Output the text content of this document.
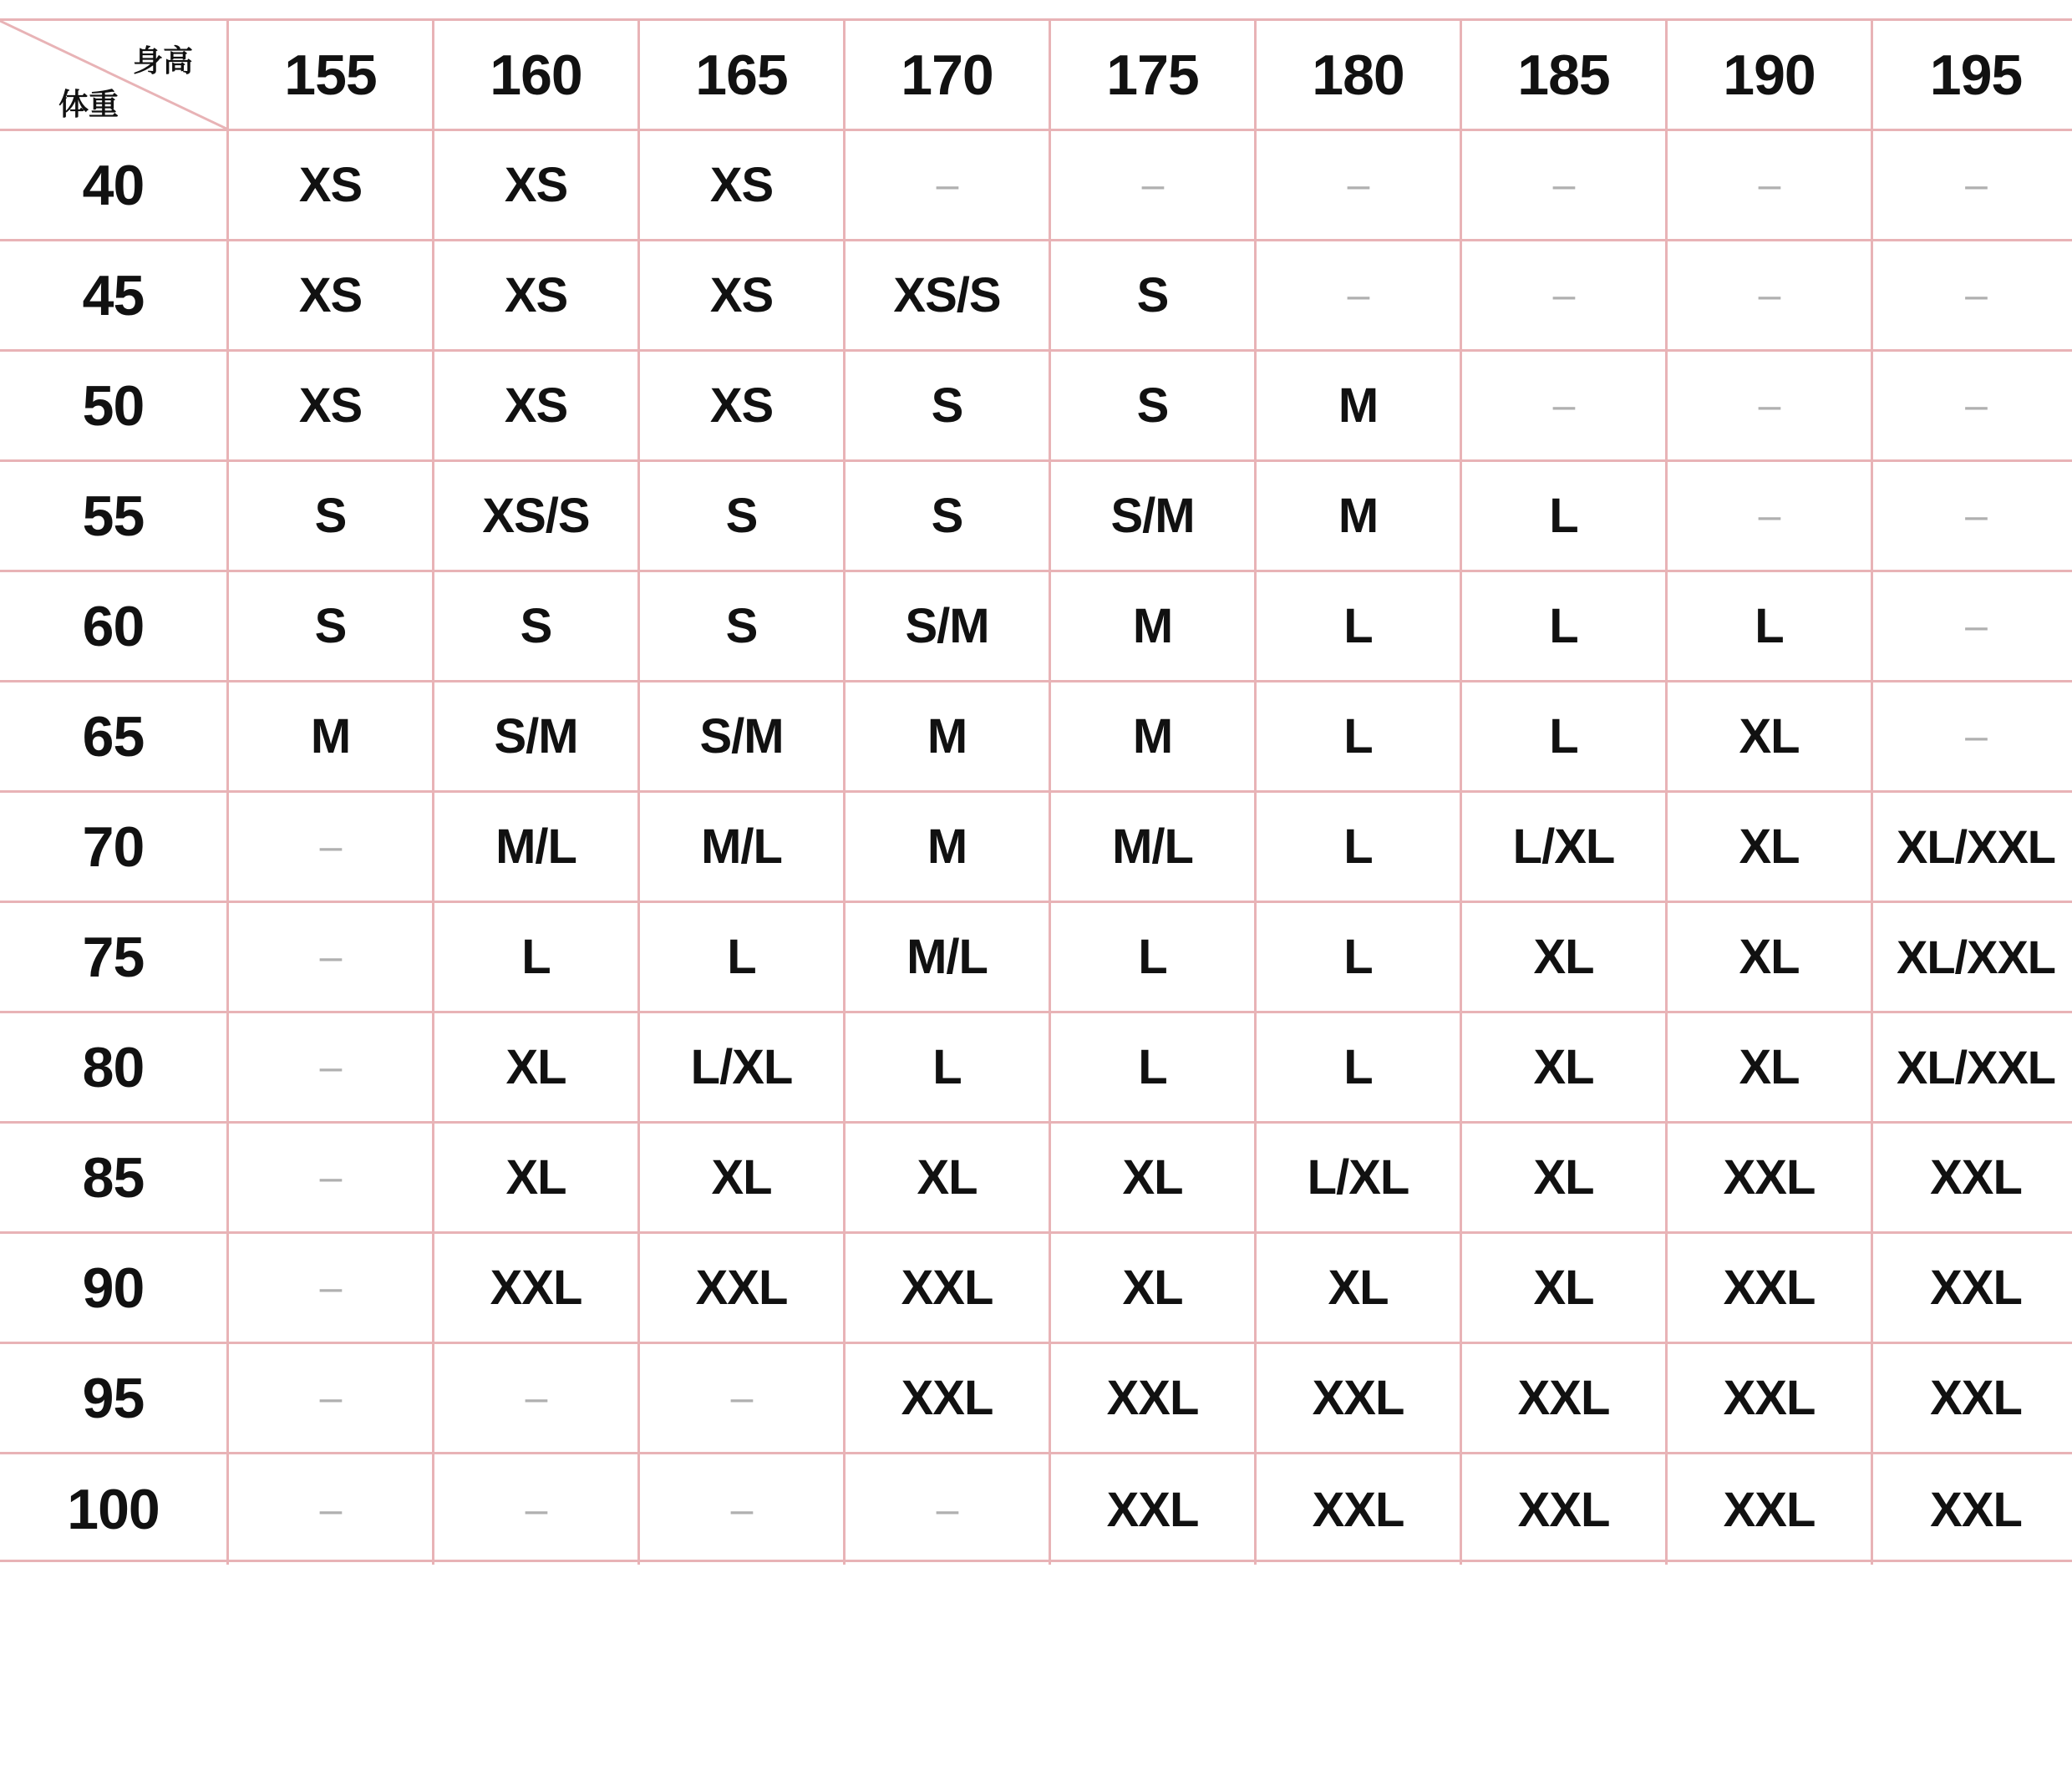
身高
体重	155	160	165	170	175	180	185	190	195
40	XS	XS	XS	–	–	–	–	–	–
45	XS	XS	XS	XS/S	S	–	–	–	–
50	XS	XS	XS	S	S	M	–	–	–
55	S	XS/S	S	S	S/M	M	L	–	–
60	S	S	S	S/M	M	L	L	L	–
65	M	S/M	S/M	M	M	L	L	XL	–
70	–	M/L	M/L	M	M/L	L	L/XL	XL	XL/XXL
75	–	L	L	M/L	L	L	XL	XL	XL/XXL
80	–	XL	L/XL	L	L	L	XL	XL	XL/XXL
85	–	XL	XL	XL	XL	L/XL	XL	XXL	XXL
90	–	XXL	XXL	XXL	XL	XL	XL	XXL	XXL
95	–	–	–	XXL	XXL	XXL	XXL	XXL	XXL
100	–	–	–	–	XXL	XXL	XXL	XXL	XXL
